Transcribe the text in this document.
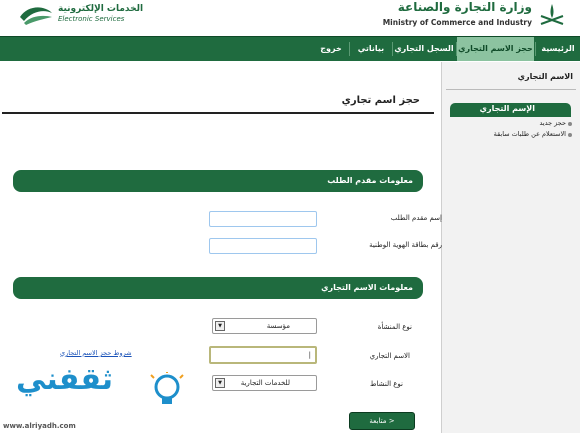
وزارة التجارة والصناعة
Ministry of Commerce and Industry
الخدمات الإلكترونية
Electronic Services
الرئيسية
حجز الاسم التجاري
السجل التجاري
بياناتي
خروج
الاسم التجاري
الإسم التجاري
حجز جديد
الاستعلام عن طلبات سابقة
حجز اسم تجاري
معلومات مقدم الطلب
إسم مقدم الطلب
رقم بطاقة الهوية الوطنية
معلومات الاسم التجاري
نوع المنشأة
مؤسسة
▼
الاسم التجاري
|
شروط حجز الاسم التجاري
نوع النشاط
للخدمات التجارية
▼
متابعة >
ثقفني
www.alriyadh.com
